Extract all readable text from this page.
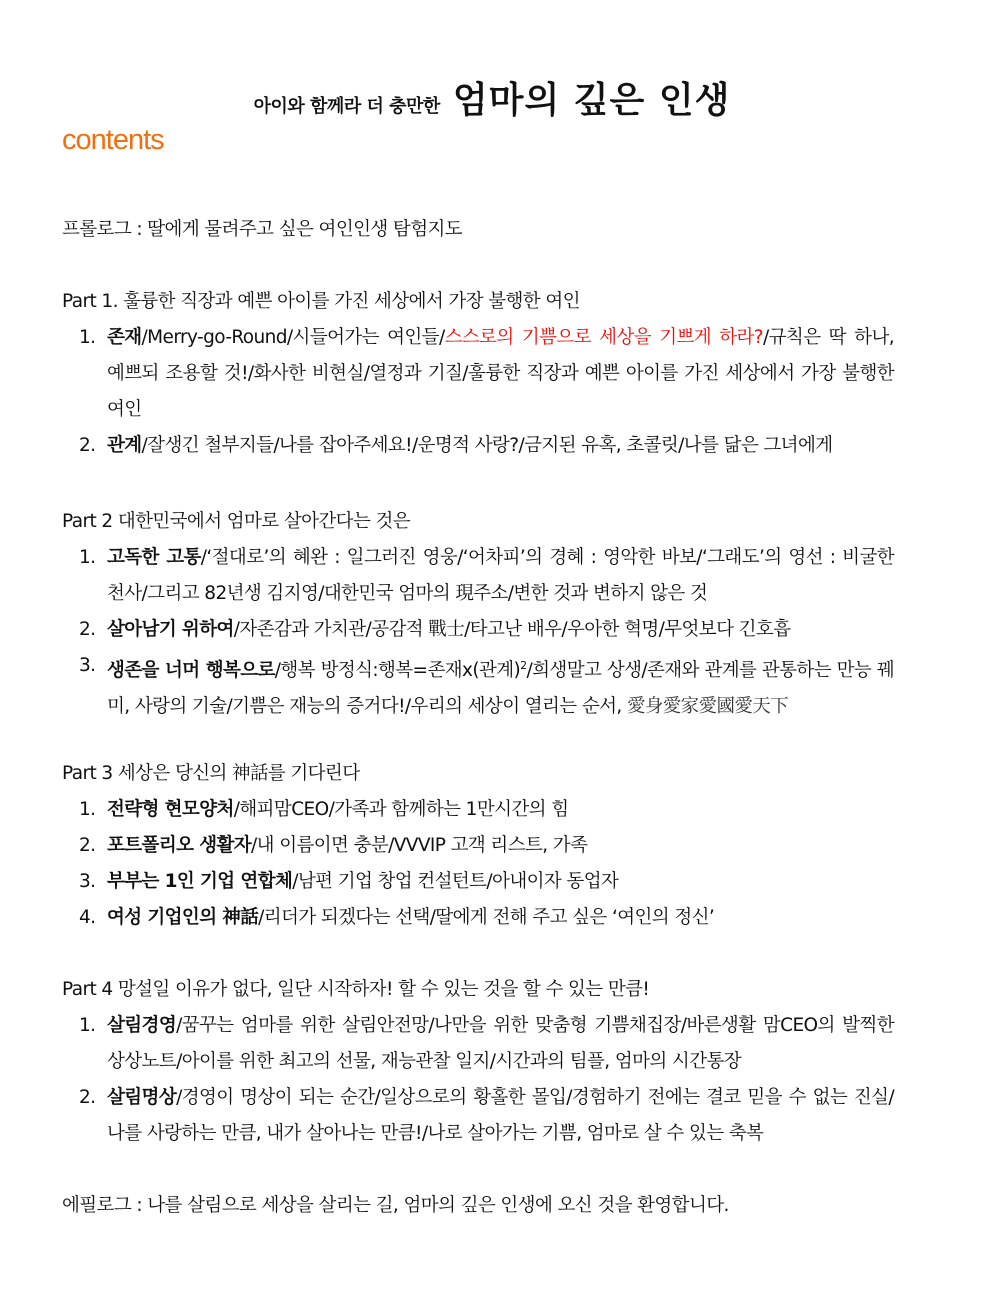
아이와 함께라 더 충만한 엄마의 깊은 인생
contents
프롤로그 : 딸에게 물려주고 싶은 여인인생 탐험지도
Part 1. 훌륭한 직장과 예쁜 아이를 가진 세상에서 가장 불행한 여인
1. 존재/Merry-go-Round/시들어가는 여인들/스스로의 기쁨으로 세상을 기쁘게 하라?/규칙은 딱 하나, 예쁘되 조용할 것!/화사한 비현실/열정과 기질/훌륭한 직장과 예쁜 아이를 가진 세상에서 가장 불행한 여인
2. 관계/잘생긴 철부지들/나를 잡아주세요!/운명적 사랑?/금지된 유혹, 초콜릿/나를 닮은 그녀에게
Part 2 대한민국에서 엄마로 살아간다는 것은
1. 고독한 고통/‘절대로’의 혜완 : 일그러진 영웅/‘어차피’의 경혜 : 영악한 바보/‘그래도’의 영선 : 비굴한 천사/그리고 82년생 김지영/대한민국 엄마의 現주소/변한 것과 변하지 않은 것
2. 살아남기 위하여/자존감과 가치관/공감적 戰士/타고난 배우/우아한 혁명/무엇보다 긴호흡
3. 생존을 너머 행복으로/행복 방정식:행복=존재x(관계)$^2$/희생말고 상생/존재와 관계를 관통하는 만능 꿰미, 사랑의 기술/기쁨은 재능의 증거다!/우리의 세상이 열리는 순서, 愛身愛家愛國愛天下
Part 3 세상은 당신의 神話를 기다린다
1. 전략형 현모양처/해피맘CEO/가족과 함께하는 1만시간의 힘
2. 포트폴리오 생활자/내 이름이면 충분/VVVIP 고객 리스트, 가족
3. 부부는 1인 기업 연합체/남편 기업 창업 컨설턴트/아내이자 동업자
4. 여성 기업인의 神話/리더가 되겠다는 선택/딸에게 전해 주고 싶은 ‘여인의 정신’
Part 4 망설일 이유가 없다, 일단 시작하자! 할 수 있는 것을 할 수 있는 만큼!
1. 살림경영/꿈꾸는 엄마를 위한 살림안전망/나만을 위한 맞춤형 기쁨채집장/바른생활 맘CEO의 발찍한 상상노트/아이를 위한 최고의 선물, 재능관찰 일지/시간과의 팀플, 엄마의 시간통장
2. 살림명상/경영이 명상이 되는 순간/일상으로의 황홀한 몰입/경험하기 전에는 결코 믿을 수 없는 진실/나를 사랑하는 만큼, 내가 살아나는 만큼!/나로 살아가는 기쁨, 엄마로 살 수 있는 축복
에필로그 : 나를 살림으로 세상을 살리는 길, 엄마의 깊은 인생에 오신 것을 환영합니다.
